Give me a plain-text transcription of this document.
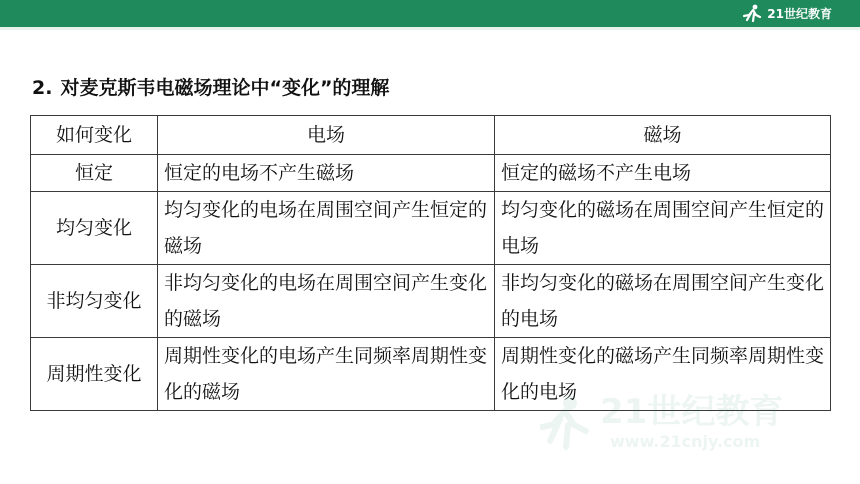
21世纪教育
2. 对麦克斯韦电磁场理论中“变化”的理解
如何变化	电场	磁场
恒定	恒定的电场不产生磁场	恒定的磁场不产生电场
均匀变化	均匀变化的电场在周围空间产生恒定的磁场	均匀变化的磁场在周围空间产生恒定的电场
非均匀变化	非均匀变化的电场在周围空间产生变化的磁场	非均匀变化的磁场在周围空间产生变化的电场
周期性变化	周期性变化的电场产生同频率周期性变化的磁场	周期性变化的磁场产生同频率周期性变化的电场 21世纪教育
www.21cnjy.com
